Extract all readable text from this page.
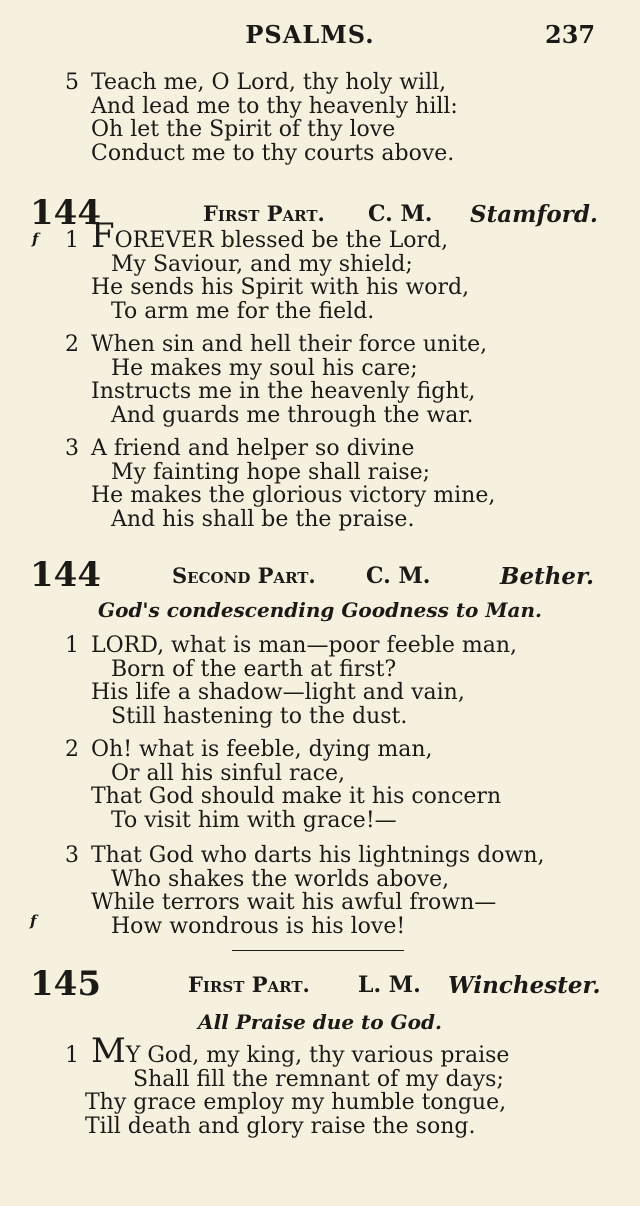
PSALMS.	237
5 Teach me, O Lord, thy holy will,
And lead me to thy heavenly hill:
Oh let the Spirit of thy love
Conduct me to thy courts above.
144	First Part. C. M. Stamford.
f 1 FOREVER blessed be the Lord,
My Saviour, and my shield;
He sends his Spirit with his word,
To arm me for the field.
2 When sin and hell their force unite,
He makes my soul his care;
Instructs me in the heavenly fight,
And guards me through the war.
3 A friend and helper so divine
My fainting hope shall raise;
He makes the glorious victory mine,
And his shall be the praise.
144	Second Part. C. M.	Bether.
God's condescending Goodness to Man.
1 LORD, what is man—poor feeble man,
Born of the earth at first?
His life a shadow—light and vain,
Still hastening to the dust.
2 Oh! what is feeble, dying man,
Or all his sinful race,
That God should make it his concern
To visit him with grace!—
f
3 That God who darts his lightnings down,
Who shakes the worlds above,
While terrors wait his awful frown—
How wondrous is his love!
145	First Part. L. M. Winchester.
All Praise due to God.
1 MY God, my king, thy various praise
Shall fill the remnant of my days;
Thy grace employ my humble tongue,
Till death and glory raise the song.
